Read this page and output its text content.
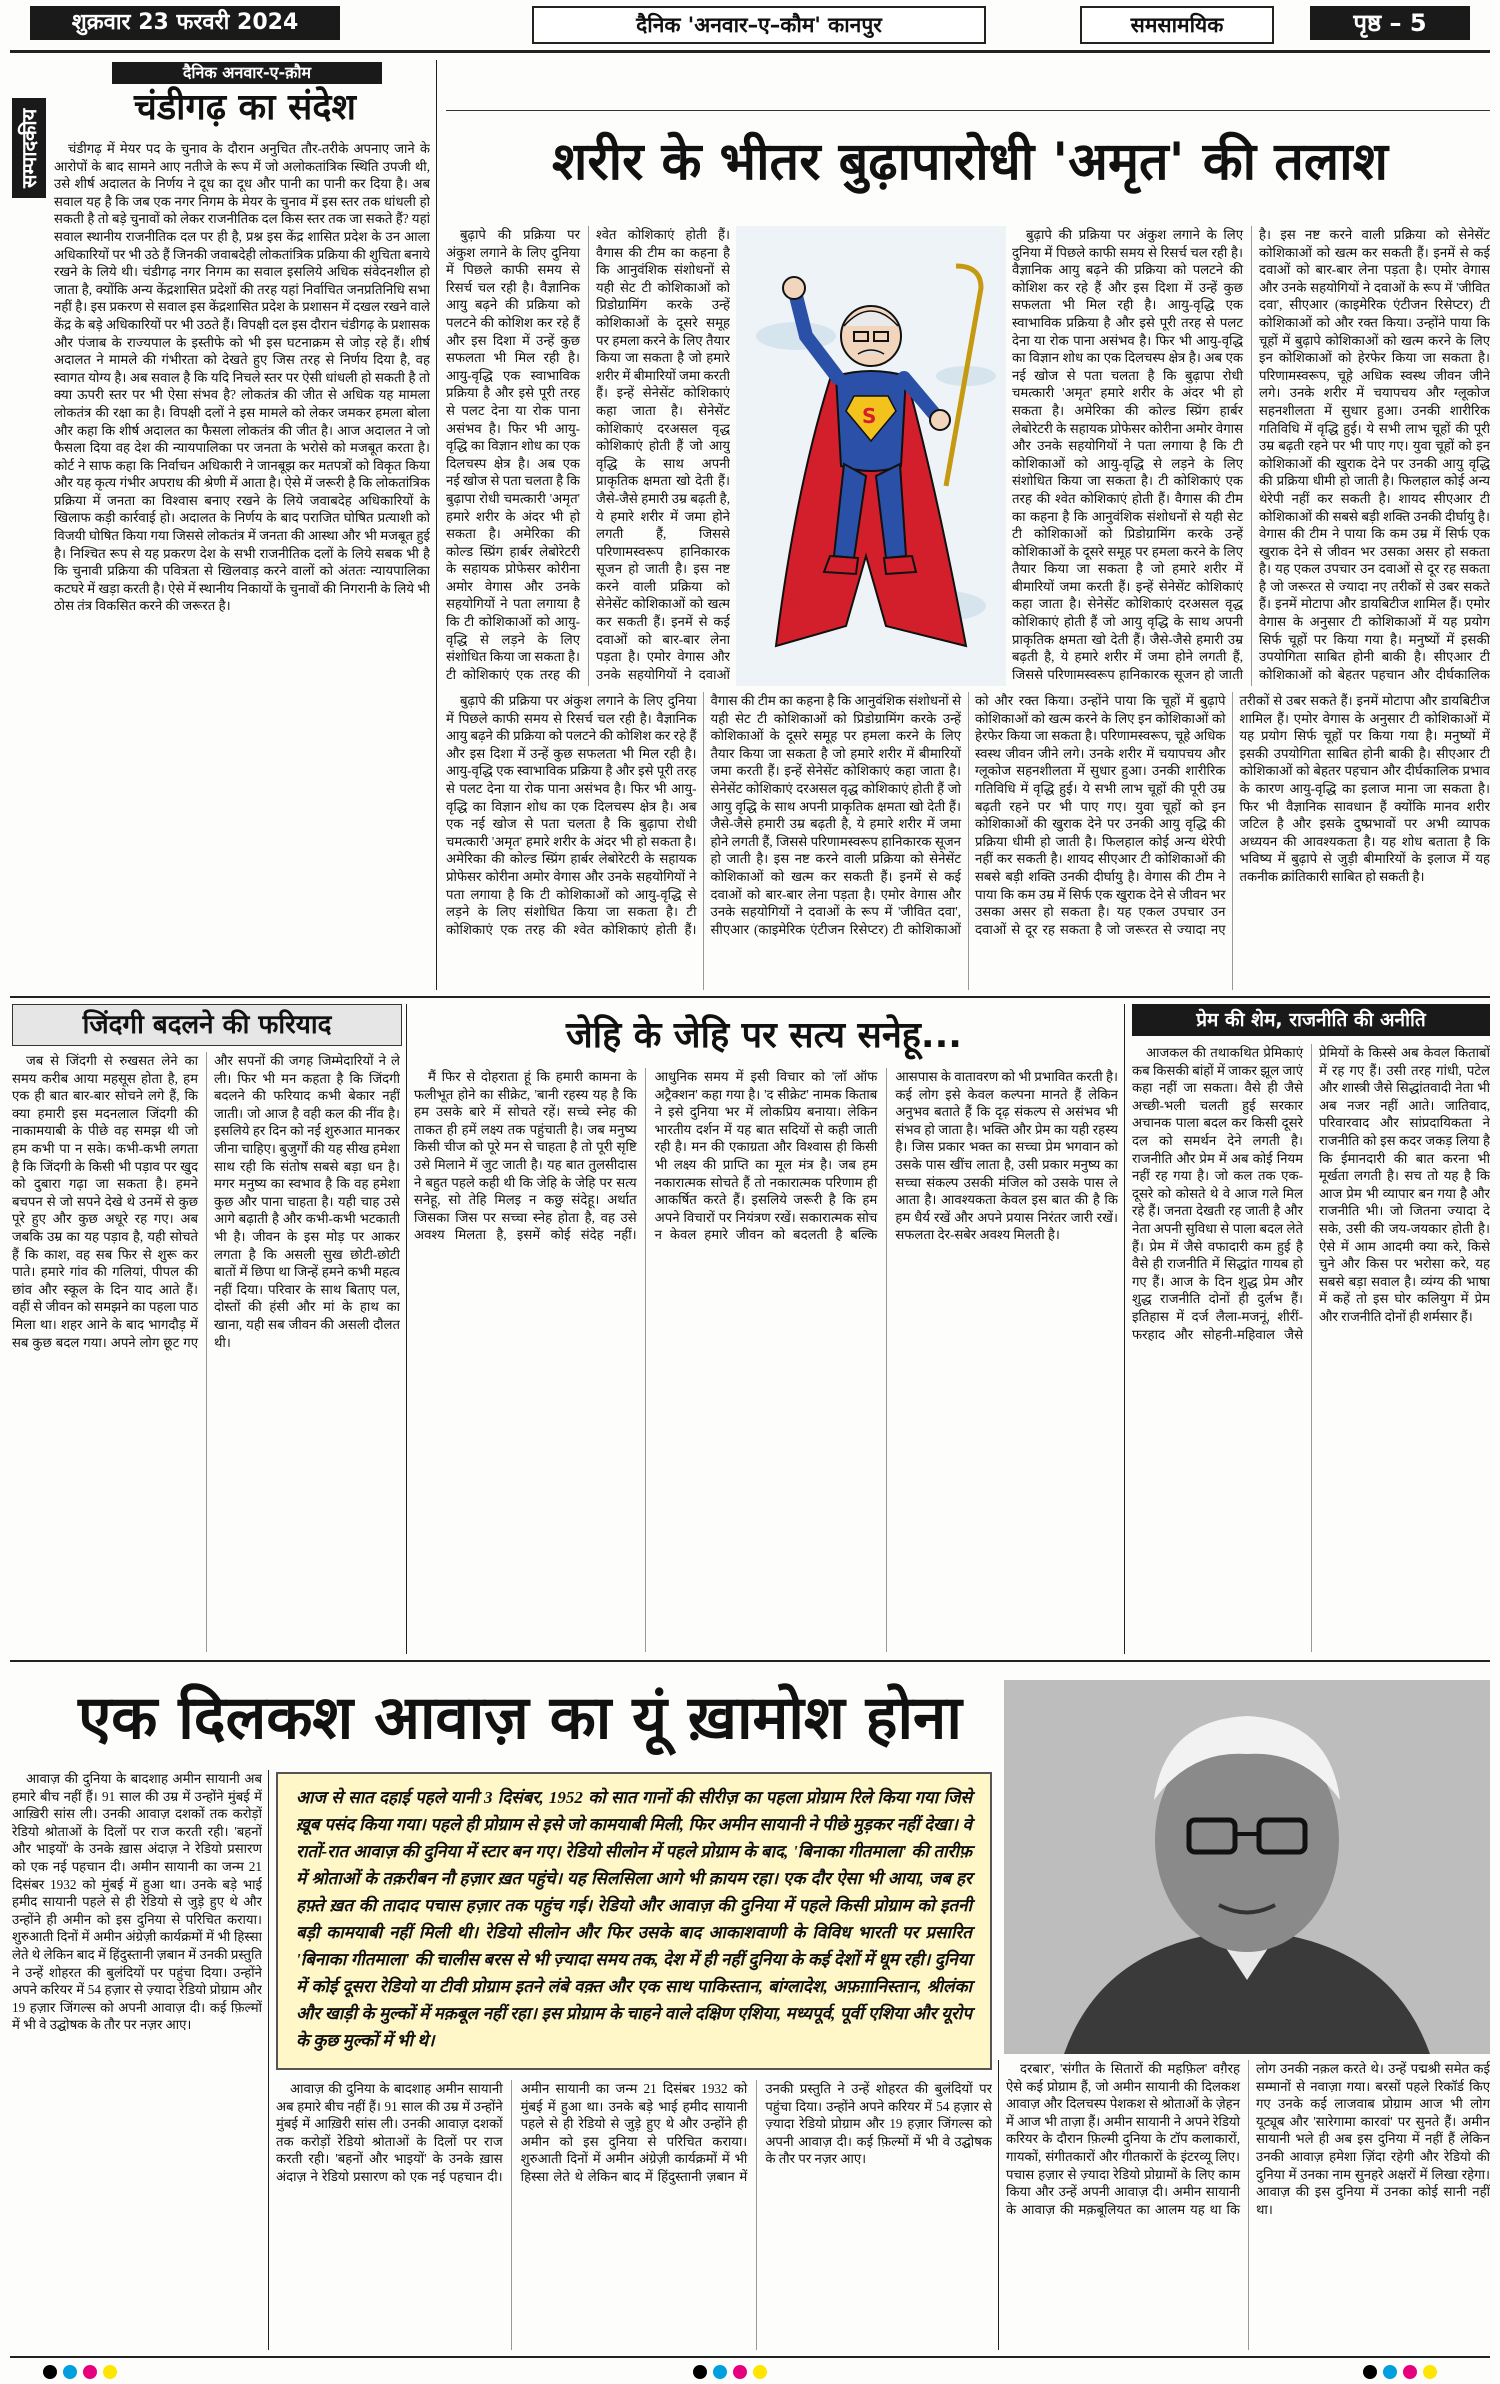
शुक्रवार 23 फरवरी 2024	दैनिक 'अनवार–ए–कौम' कानपुर	समसामयिक	पृष्ठ – 5
सम्पादकीय
दैनिक अनवार-ए-क़ौम
चंडीगढ़ का संदेश

चंडीगढ़ में मेयर पद के चुनाव के दौरान अनुचित तौर-तरीके अपनाए जाने के आरोपों के बाद सामने आए नतीजे के रूप में जो अलोकतांत्रिक स्थिति उपजी थी, उसे शीर्ष अदालत के निर्णय ने दूध का दूध और पानी का पानी कर दिया है। अब सवाल यह है कि जब एक नगर निगम के मेयर के चुनाव में इस स्तर तक धांधली हो सकती है तो बड़े चुनावों को लेकर राजनीतिक दल किस स्तर तक जा सकते हैं? यहां सवाल स्थानीय राजनीतिक दल पर ही है, प्रश्न इस केंद्र शासित प्रदेश के उन आला अधिकारियों पर भी उठे हैं जिनकी जवाबदेही लोकतांत्रिक प्रक्रिया की शुचिता बनाये रखने के लिये थी। चंडीगढ़ नगर निगम का सवाल इसलिये अधिक संवेदनशील हो जाता है, क्योंकि अन्य केंद्रशासित प्रदेशों की तरह यहां निर्वाचित जनप्रतिनिधि सभा नहीं है। इस प्रकरण से सवाल इस केंद्रशासित प्रदेश के प्रशासन में दखल रखने वाले केंद्र के बड़े अधिकारियों पर भी उठते हैं। विपक्षी दल इस दौरान चंडीगढ़ के प्रशासक और पंजाब के राज्यपाल के इस्तीफे को भी इस घटनाक्रम से जोड़ रहे हैं। शीर्ष अदालत ने मामले की गंभीरता को देखते हुए जिस तरह से निर्णय दिया है, वह स्वागत योग्य है। अब सवाल है कि यदि निचले स्तर पर ऐसी धांधली हो सकती है तो क्या ऊपरी स्तर पर भी ऐसा संभव है? लोकतंत्र की जीत से अधिक यह मामला लोकतंत्र की रक्षा का है। विपक्षी दलों ने इस मामले को लेकर जमकर हमला बोला और कहा कि शीर्ष अदालत का फैसला लोकतंत्र की जीत है। आज अदालत ने जो फैसला दिया वह देश की न्यायपालिका पर जनता के भरोसे को मजबूत करता है। कोर्ट ने साफ कहा कि निर्वाचन अधिकारी ने जानबूझ कर मतपत्रों को विकृत किया और यह कृत्य गंभीर अपराध की श्रेणी में आता है। ऐसे में जरूरी है कि लोकतांत्रिक प्रक्रिया में जनता का विश्वास बनाए रखने के लिये जवाबदेह अधिकारियों के खिलाफ कड़ी कार्रवाई हो। अदालत के निर्णय के बाद पराजित घोषित प्रत्याशी को विजयी घोषित किया गया जिससे लोकतंत्र में जनता की आस्था और भी मजबूत हुई है। निश्चित रूप से यह प्रकरण देश के सभी राजनीतिक दलों के लिये सबक भी है कि चुनावी प्रक्रिया की पवित्रता से खिलवाड़ करने वालों को अंततः न्यायपालिका कटघरे में खड़ा करती है। ऐसे में स्थानीय निकायों के चुनावों की निगरानी के लिये भी ठोस तंत्र विकसित करने की जरूरत है।

शरीर के भीतर बुढ़ापारोधी 'अमृत' की तलाश
S

बुढ़ापे की प्रक्रिया पर अंकुश लगाने के लिए दुनिया में पिछले काफी समय से रिसर्च चल रही है। वैज्ञानिक आयु बढ़ने की प्रक्रिया को पलटने की कोशिश कर रहे हैं और इस दिशा में उन्हें कुछ सफलता भी मिल रही है। आयु-वृद्धि एक स्वाभाविक प्रक्रिया है और इसे पूरी तरह से पलट देना या रोक पाना असंभव है। फिर भी आयु-वृद्धि का विज्ञान शोध का एक दिलचस्प क्षेत्र है। अब एक नई खोज से पता चलता है कि बुढ़ापा रोधी चमत्कारी 'अमृत' हमारे शरीर के अंदर भी हो सकता है। अमेरिका की कोल्ड स्प्रिंग हार्बर लेबोरेटरी के सहायक प्रोफेसर कोरीना अमोर वेगास और उनके सहयोगियों ने पता लगाया है कि टी कोशिकाओं को आयु-वृद्धि से लड़ने के लिए संशोधित किया जा सकता है। टी कोशिकाएं एक तरह की श्वेत कोशिकाएं होती हैं। वैगास की टीम का कहना है कि आनुवंशिक संशोधनों से यही सेट टी कोशिकाओं को प्रिडोग्रामिंग करके उन्हें कोशिकाओं के दूसरे समूह पर हमला करने के लिए तैयार किया जा सकता है जो हमारे शरीर में बीमारियों जमा करती हैं। इन्हें सेनेसेंट कोशिकाएं कहा जाता है। सेनेसेंट कोशिकाएं दरअसल वृद्ध कोशिकाएं होती हैं जो आयु वृद्धि के साथ अपनी प्राकृतिक क्षमता खो देती हैं। जैसे-जैसे हमारी उम्र बढ़ती है, ये हमारे शरीर में जमा होने लगती हैं, जिससे परिणामस्वरूप हानिकारक सूजन हो जाती है। इस नष्ट करने वाली प्रक्रिया को सेनेसेंट कोशिकाओं को खत्म कर सकती हैं। इनमें से कई दवाओं को बार-बार लेना पड़ता है। एमोर वेगास और उनके सहयोगियों ने दवाओं

बुढ़ापे की प्रक्रिया पर अंकुश लगाने के लिए दुनिया में पिछले काफी समय से रिसर्च चल रही है। वैज्ञानिक आयु बढ़ने की प्रक्रिया को पलटने की कोशिश कर रहे हैं और इस दिशा में उन्हें कुछ सफलता भी मिल रही है। आयु-वृद्धि एक स्वाभाविक प्रक्रिया है और इसे पूरी तरह से पलट देना या रोक पाना असंभव है। फिर भी आयु-वृद्धि का विज्ञान शोध का एक दिलचस्प क्षेत्र है। अब एक नई खोज से पता चलता है कि बुढ़ापा रोधी चमत्कारी 'अमृत' हमारे शरीर के अंदर भी हो सकता है। अमेरिका की कोल्ड स्प्रिंग हार्बर लेबोरेटरी के सहायक प्रोफेसर कोरीना अमोर वेगास और उनके सहयोगियों ने पता लगाया है कि टी कोशिकाओं को आयु-वृद्धि से लड़ने के लिए संशोधित किया जा सकता है। टी कोशिकाएं एक तरह की श्वेत कोशिकाएं होती हैं। वैगास की टीम का कहना है कि आनुवंशिक संशोधनों से यही सेट टी कोशिकाओं को प्रिडोग्रामिंग करके उन्हें कोशिकाओं के दूसरे समूह पर हमला करने के लिए तैयार किया जा सकता है जो हमारे शरीर में बीमारियों जमा करती हैं। इन्हें सेनेसेंट कोशिकाएं कहा जाता है। सेनेसेंट कोशिकाएं दरअसल वृद्ध कोशिकाएं होती हैं जो आयु वृद्धि के साथ अपनी प्राकृतिक क्षमता खो देती हैं। जैसे-जैसे हमारी उम्र बढ़ती है, ये हमारे शरीर में जमा होने लगती हैं, जिससे परिणामस्वरूप हानिकारक सूजन हो जाती है। इस नष्ट करने वाली प्रक्रिया को सेनेसेंट कोशिकाओं को खत्म कर सकती हैं। इनमें से कई दवाओं को बार-बार लेना पड़ता है। एमोर वेगास और उनके सहयोगियों ने दवाओं के रूप में 'जीवित दवा', सीएआर (काइमेरिक एंटीजन रिसेप्टर) टी कोशिकाओं को और रक्त किया। उन्होंने पाया कि चूहों में बुढ़ापे कोशिकाओं को खत्म करने के लिए इन कोशिकाओं को हेरफेर किया जा सकता है। परिणामस्वरूप, चूहे अधिक स्वस्थ जीवन जीने लगे। उनके शरीर में चयापचय और ग्लूकोज सहनशीलता में सुधार हुआ। उनकी शारीरिक गतिविधि में वृद्धि हुई। ये सभी लाभ चूहों की पूरी उम्र बढ़ती रहने पर भी पाए गए। युवा चूहों को इन कोशिकाओं की खुराक देने पर उनकी आयु वृद्धि की प्रक्रिया धीमी हो जाती है। फिलहाल कोई अन्य थेरेपी नहीं कर सकती है। शायद सीएआर टी कोशिकाओं की सबसे बड़ी शक्ति उनकी दीर्घायु है। वेगास की टीम ने पाया कि कम उम्र में सिर्फ एक खुराक देने से जीवन भर उसका असर हो सकता है। यह एकल उपचार उन दवाओं से दूर रह सकता है जो जरूरत से ज्यादा नए तरीकों से उबर सकते हैं। इनमें मोटापा और डायबिटीज शामिल हैं। एमोर वेगास के अनुसार टी कोशिकाओं में यह प्रयोग सिर्फ चूहों पर किया गया है। मनुष्यों में इसकी उपयोगिता साबित होनी बाकी है। सीएआर टी कोशिकाओं को बेहतर पहचान और दीर्घकालिक

बुढ़ापे की प्रक्रिया पर अंकुश लगाने के लिए दुनिया में पिछले काफी समय से रिसर्च चल रही है। वैज्ञानिक आयु बढ़ने की प्रक्रिया को पलटने की कोशिश कर रहे हैं और इस दिशा में उन्हें कुछ सफलता भी मिल रही है। आयु-वृद्धि एक स्वाभाविक प्रक्रिया है और इसे पूरी तरह से पलट देना या रोक पाना असंभव है। फिर भी आयु-वृद्धि का विज्ञान शोध का एक दिलचस्प क्षेत्र है। अब एक नई खोज से पता चलता है कि बुढ़ापा रोधी चमत्कारी 'अमृत' हमारे शरीर के अंदर भी हो सकता है। अमेरिका की कोल्ड स्प्रिंग हार्बर लेबोरेटरी के सहायक प्रोफेसर कोरीना अमोर वेगास और उनके सहयोगियों ने पता लगाया है कि टी कोशिकाओं को आयु-वृद्धि से लड़ने के लिए संशोधित किया जा सकता है। टी कोशिकाएं एक तरह की श्वेत कोशिकाएं होती हैं। वैगास की टीम का कहना है कि आनुवंशिक संशोधनों से यही सेट टी कोशिकाओं को प्रिडोग्रामिंग करके उन्हें कोशिकाओं के दूसरे समूह पर हमला करने के लिए तैयार किया जा सकता है जो हमारे शरीर में बीमारियों जमा करती हैं। इन्हें सेनेसेंट कोशिकाएं कहा जाता है। सेनेसेंट कोशिकाएं दरअसल वृद्ध कोशिकाएं होती हैं जो आयु वृद्धि के साथ अपनी प्राकृतिक क्षमता खो देती हैं। जैसे-जैसे हमारी उम्र बढ़ती है, ये हमारे शरीर में जमा होने लगती हैं, जिससे परिणामस्वरूप हानिकारक सूजन हो जाती है। इस नष्ट करने वाली प्रक्रिया को सेनेसेंट कोशिकाओं को खत्म कर सकती हैं। इनमें से कई दवाओं को बार-बार लेना पड़ता है। एमोर वेगास और उनके सहयोगियों ने दवाओं के रूप में 'जीवित दवा', सीएआर (काइमेरिक एंटीजन रिसेप्टर) टी कोशिकाओं को और रक्त किया। उन्होंने पाया कि चूहों में बुढ़ापे कोशिकाओं को खत्म करने के लिए इन कोशिकाओं को हेरफेर किया जा सकता है। परिणामस्वरूप, चूहे अधिक स्वस्थ जीवन जीने लगे। उनके शरीर में चयापचय और ग्लूकोज सहनशीलता में सुधार हुआ। उनकी शारीरिक गतिविधि में वृद्धि हुई। ये सभी लाभ चूहों की पूरी उम्र बढ़ती रहने पर भी पाए गए। युवा चूहों को इन कोशिकाओं की खुराक देने पर उनकी आयु वृद्धि की प्रक्रिया धीमी हो जाती है। फिलहाल कोई अन्य थेरेपी नहीं कर सकती है। शायद सीएआर टी कोशिकाओं की सबसे बड़ी शक्ति उनकी दीर्घायु है। वेगास की टीम ने पाया कि कम उम्र में सिर्फ एक खुराक देने से जीवन भर उसका असर हो सकता है। यह एकल उपचार उन दवाओं से दूर रह सकता है जो जरूरत से ज्यादा नए तरीकों से उबर सकते हैं। इनमें मोटापा और डायबिटीज शामिल हैं। एमोर वेगास के अनुसार टी कोशिकाओं में यह प्रयोग सिर्फ चूहों पर किया गया है। मनुष्यों में इसकी उपयोगिता साबित होनी बाकी है। सीएआर टी कोशिकाओं को बेहतर पहचान और दीर्घकालिक प्रभाव के कारण आयु-वृद्धि का इलाज माना जा सकता है। फिर भी वैज्ञानिक सावधान हैं क्योंकि मानव शरीर जटिल है और इसके दुष्प्रभावों पर अभी व्यापक अध्ययन की आवश्यकता है। यह शोध बताता है कि भविष्य में बुढ़ापे से जुड़ी बीमारियों के इलाज में यह तकनीक क्रांतिकारी साबित हो सकती है।

जिंदगी बदलने की फरियाद

जब से जिंदगी से रुखसत लेने का समय करीब आया महसूस होता है, हम एक ही बात बार-बार सोचने लगे हैं, कि क्या हमारी इस मदनलाल जिंदगी की नाकामयाबी के पीछे वह समझ थी जो हम कभी पा न सके। कभी-कभी लगता है कि जिंदगी के किसी भी पड़ाव पर खुद को दुबारा गढ़ा जा सकता है। हमने बचपन से जो सपने देखे थे उनमें से कुछ पूरे हुए और कुछ अधूरे रह गए। अब जबकि उम्र का यह पड़ाव है, यही सोचते हैं कि काश, वह सब फिर से शुरू कर पाते। हमारे गांव की गलियां, पीपल की छांव और स्कूल के दिन याद आते हैं। वहीं से जीवन को समझने का पहला पाठ मिला था। शहर आने के बाद भागदौड़ में सब कुछ बदल गया। अपने लोग छूट गए और सपनों की जगह जिम्मेदारियों ने ले ली। फिर भी मन कहता है कि जिंदगी बदलने की फरियाद कभी बेकार नहीं जाती। जो आज है वही कल की नींव है। इसलिये हर दिन को नई शुरुआत मानकर जीना चाहिए। बुजुर्गों की यह सीख हमेशा साथ रही कि संतोष सबसे बड़ा धन है। मगर मनुष्य का स्वभाव है कि वह हमेशा कुछ और पाना चाहता है। यही चाह उसे आगे बढ़ाती है और कभी-कभी भटकाती भी है। जीवन के इस मोड़ पर आकर लगता है कि असली सुख छोटी-छोटी बातों में छिपा था जिन्हें हमने कभी महत्व नहीं दिया। परिवार के साथ बिताए पल, दोस्तों की हंसी और मां के हाथ का खाना, यही सब जीवन की असली दौलत थी।

जेहि के जेहि पर सत्य सनेहू...

मैं फिर से दोहराता हूं कि हमारी कामना के फलीभूत होने का सीक्रेट, 'बानी रहस्य यह है कि हम उसके बारे में सोचते रहें। सच्चे स्नेह की ताकत ही हमें लक्ष्य तक पहुंचाती है। जब मनुष्य किसी चीज को पूरे मन से चाहता है तो पूरी सृष्टि उसे मिलाने में जुट जाती है। यह बात तुलसीदास ने बहुत पहले कही थी कि जेहि के जेहि पर सत्य सनेहू, सो तेहि मिलइ न कछु संदेहू। अर्थात जिसका जिस पर सच्चा स्नेह होता है, वह उसे अवश्य मिलता है, इसमें कोई संदेह नहीं। आधुनिक समय में इसी विचार को 'लॉ ऑफ अट्रैक्शन' कहा गया है। 'द सीक्रेट' नामक किताब ने इसे दुनिया भर में लोकप्रिय बनाया। लेकिन भारतीय दर्शन में यह बात सदियों से कही जाती रही है। मन की एकाग्रता और विश्वास ही किसी भी लक्ष्य की प्राप्ति का मूल मंत्र है। जब हम नकारात्मक सोचते हैं तो नकारात्मक परिणाम ही आकर्षित करते हैं। इसलिये जरूरी है कि हम अपने विचारों पर नियंत्रण रखें। सकारात्मक सोच न केवल हमारे जीवन को बदलती है बल्कि आसपास के वातावरण को भी प्रभावित करती है। कई लोग इसे केवल कल्पना मानते हैं लेकिन अनुभव बताते हैं कि दृढ़ संकल्प से असंभव भी संभव हो जाता है। भक्ति और प्रेम का यही रहस्य है। जिस प्रकार भक्त का सच्चा प्रेम भगवान को उसके पास खींच लाता है, उसी प्रकार मनुष्य का सच्चा संकल्प उसकी मंजिल को उसके पास ले आता है। आवश्यकता केवल इस बात की है कि हम धैर्य रखें और अपने प्रयास निरंतर जारी रखें। सफलता देर-सबेर अवश्य मिलती है।

प्रेम की शेम, राजनीति की अनीति

आजकल की तथाकथित प्रेमिकाएं कब किसकी बांहों में जाकर झूल जाएं कहा नहीं जा सकता। वैसे ही जैसे अच्छी-भली चलती हुई सरकार अचानक पाला बदल कर किसी दूसरे दल को समर्थन देने लगती है। राजनीति और प्रेम में अब कोई नियम नहीं रह गया है। जो कल तक एक-दूसरे को कोसते थे वे आज गले मिल रहे हैं। जनता देखती रह जाती है और नेता अपनी सुविधा से पाला बदल लेते हैं। प्रेम में जैसे वफादारी कम हुई है वैसे ही राजनीति में सिद्धांत गायब हो गए हैं। आज के दिन शुद्ध प्रेम और शुद्ध राजनीति दोनों ही दुर्लभ हैं। इतिहास में दर्ज लैला-मजनूं, शीरीं-फरहाद और सोहनी-महिवाल जैसे प्रेमियों के किस्से अब केवल किताबों में रह गए हैं। उसी तरह गांधी, पटेल और शास्त्री जैसे सिद्धांतवादी नेता भी अब नजर नहीं आते। जातिवाद, परिवारवाद और सांप्रदायिकता ने राजनीति को इस कदर जकड़ लिया है कि ईमानदारी की बात करना भी मूर्खता लगती है। सच तो यह है कि आज प्रेम भी व्यापार बन गया है और राजनीति भी। जो जितना ज्यादा दे सके, उसी की जय-जयकार होती है। ऐसे में आम आदमी क्या करे, किसे चुने और किस पर भरोसा करे, यह सबसे बड़ा सवाल है। व्यंग्य की भाषा में कहें तो इस घोर कलियुग में प्रेम और राजनीति दोनों ही शर्मसार हैं।

एक दिलकश आवाज़ का यूं ख़ामोश होना

आवाज़ की दुनिया के बादशाह अमीन सायानी अब हमारे बीच नहीं हैं। 91 साल की उम्र में उन्होंने मुंबई में आख़िरी सांस ली। उनकी आवाज़ दशकों तक करोड़ों रेडियो श्रोताओं के दिलों पर राज करती रही। 'बहनों और भाइयों' के उनके ख़ास अंदाज़ ने रेडियो प्रसारण को एक नई पहचान दी। अमीन सायानी का जन्म 21 दिसंबर 1932 को मुंबई में हुआ था। उनके बड़े भाई हमीद सायानी पहले से ही रेडियो से जुड़े हुए थे और उन्होंने ही अमीन को इस दुनिया से परिचित कराया। शुरुआती दिनों में अमीन अंग्रेज़ी कार्यक्रमों में भी हिस्सा लेते थे लेकिन बाद में हिंदुस्तानी ज़बान में उनकी प्रस्तुति ने उन्हें शोहरत की बुलंदियों पर पहुंचा दिया। उन्होंने अपने करियर में 54 हज़ार से ज़्यादा रेडियो प्रोग्राम और 19 हज़ार जिंगल्स को अपनी आवाज़ दी। कई फ़िल्मों में भी वे उद्घोषक के तौर पर नज़र आए।

आज से सात दहाई पहले यानी 3 दिसंबर, 1952 को सात गानों की सीरीज़ का पहला प्रोग्राम रिले किया गया जिसे ख़ूब पसंद किया गया। पहले ही प्रोग्राम से इसे जो कामयाबी मिली, फिर अमीन सायानी ने पीछे मुड़कर नहीं देखा। वे रातों-रात आवाज़ की दुनिया में स्टार बन गए। रेडियो सीलोन में पहले प्रोग्राम के बाद, 'बिनाका गीतमाला' की तारीफ़ में श्रोताओं के तक़रीबन नौ हज़ार ख़त पहुंचे। यह सिलसिला आगे भी क़ायम रहा। एक दौर ऐसा भी आया, जब हर हफ़्ते ख़त की तादाद पचास हज़ार तक पहुंच गई। रेडियो और आवाज़ की दुनिया में पहले किसी प्रोग्राम को इतनी बड़ी कामयाबी नहीं मिली थी। रेडियो सीलोन और फिर उसके बाद आकाशवाणी के विविध भारती पर प्रसारित 'बिनाका गीतमाला' की चालीस बरस से भी ज़्यादा समय तक, देश में ही नहीं दुनिया के कई देशों में धूम रही। दुनिया में कोई दूसरा रेडियो या टीवी प्रोग्राम इतने लंबे वक़्त और एक साथ पाकिस्तान, बांग्लादेश, अफ़ग़ानिस्तान, श्रीलंका और खाड़ी के मुल्कों में मक़बूल नहीं रहा। इस प्रोग्राम के चाहने वाले दक्षिण एशिया, मध्यपूर्व, पूर्वी एशिया और यूरोप के कुछ मुल्कों में भी थे।

आवाज़ की दुनिया के बादशाह अमीन सायानी अब हमारे बीच नहीं हैं। 91 साल की उम्र में उन्होंने मुंबई में आख़िरी सांस ली। उनकी आवाज़ दशकों तक करोड़ों रेडियो श्रोताओं के दिलों पर राज करती रही। 'बहनों और भाइयों' के उनके ख़ास अंदाज़ ने रेडियो प्रसारण को एक नई पहचान दी। अमीन सायानी का जन्म 21 दिसंबर 1932 को मुंबई में हुआ था। उनके बड़े भाई हमीद सायानी पहले से ही रेडियो से जुड़े हुए थे और उन्होंने ही अमीन को इस दुनिया से परिचित कराया। शुरुआती दिनों में अमीन अंग्रेज़ी कार्यक्रमों में भी हिस्सा लेते थे लेकिन बाद में हिंदुस्तानी ज़बान में उनकी प्रस्तुति ने उन्हें शोहरत की बुलंदियों पर पहुंचा दिया। उन्होंने अपने करियर में 54 हज़ार से ज़्यादा रेडियो प्रोग्राम और 19 हज़ार जिंगल्स को अपनी आवाज़ दी। कई फ़िल्मों में भी वे उद्घोषक के तौर पर नज़र आए।

दरबार', 'संगीत के सितारों की महफ़िल' वग़ैरह ऐसे कई प्रोग्राम हैं, जो अमीन सायानी की दिलकश आवाज़ और दिलचस्प पेशकश से श्रोताओं के ज़ेहन में आज भी ताज़ा हैं। अमीन सायानी ने अपने रेडियो करियर के दौरान फ़िल्मी दुनिया के टॉप कलाकारों, गायकों, संगीतकारों और गीतकारों के इंटरव्यू लिए। पचास हज़ार से ज़्यादा रेडियो प्रोग्रामों के लिए काम किया और उन्हें अपनी आवाज़ दी। अमीन सायानी के आवाज़ की मक़बूलियत का आलम यह था कि लोग उनकी नक़ल करते थे। उन्हें पद्मश्री समेत कई सम्मानों से नवाज़ा गया। बरसों पहले रिकॉर्ड किए गए उनके कई लाजवाब प्रोग्राम आज भी लोग यूट्यूब और 'सारेगामा कारवां' पर सुनते हैं। अमीन सायानी भले ही अब इस दुनिया में नहीं हैं लेकिन उनकी आवाज़ हमेशा ज़िंदा रहेगी और रेडियो की दुनिया में उनका नाम सुनहरे अक्षरों में लिखा रहेगा। आवाज़ की इस दुनिया में उनका कोई सानी नहीं था।
